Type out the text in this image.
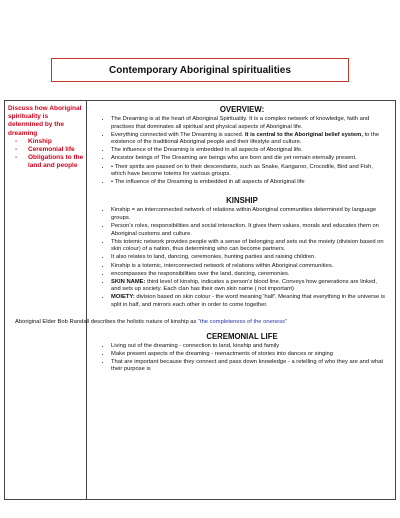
Contemporary Aboriginal spiritualities
Discuss how Aboriginal spirituality is determined by the dreaming
- Kinship
- Ceremonial life
- Obligations to the land and people
OVERVIEW:
• The Dreaming is at the heart of Aboriginal Spirituality. It is a complex network of knowledge, faith and practises that dominates all spiritual and physical aspects of Aboriginal life.
• Everything connected with The Dreaming is sacred. It is central to the Aboriginal belief system, to the existence of the traditional Aboriginal people and their lifestyle and culture.
• The influence of the Dreaming is embedded in all aspects of Aboriginal life.
• Ancestor beings of The Dreaming are beings who are born and die yet remain eternally present.
• • Their spirits are passed on to their descendants, such as Snake, Kangaroo, Crocodile, Bird and Fish, which have become totems for various groups.
• • The influence of the Dreaming is embedded in all aspects of Aboriginal life
KINSHIP
• Kinship = an interconnected network of relations within Aboriginal communities determined by language groups.
• Person's roles, responsibilities and social interaction. It gives them values, morals and educates them on Aboriginal customs and culture.
• This totemic network provides people with a sense of belonging and sets out the moiety (division based on skin colour) of a nation, thus determining who can become partners.
• It also relates to land, dancing, ceremonies, hunting parties and raising children.
• Kinship is a totemic, interconnected network of relations within Aboriginal communities.
• encompasses the responsibilities over the land, dancing, ceremonies.
• SKIN NAME: third level of kinship, indicates a person's blood line. Conveys how generations are linked, and sets up society. Each clan has their own skin name ( not important)
• MOIETY: division based on skin colour - the word meaning 'half'. Meaning that everything in the universe is split in half, and mirrors each other in order to come together.
Aboriginal Elder Bob Randall describes the holistic nature of kinship as “the completeness of the oneness”
CEREMONIAL LIFE
• Living out of the dreaming - connection to land, kinship and family
• Make present aspects of the dreaming - reenactments of stories into dances or singing
• That are important because they connect and pass down knowledge - a retelling of who they are and what their purpose is
